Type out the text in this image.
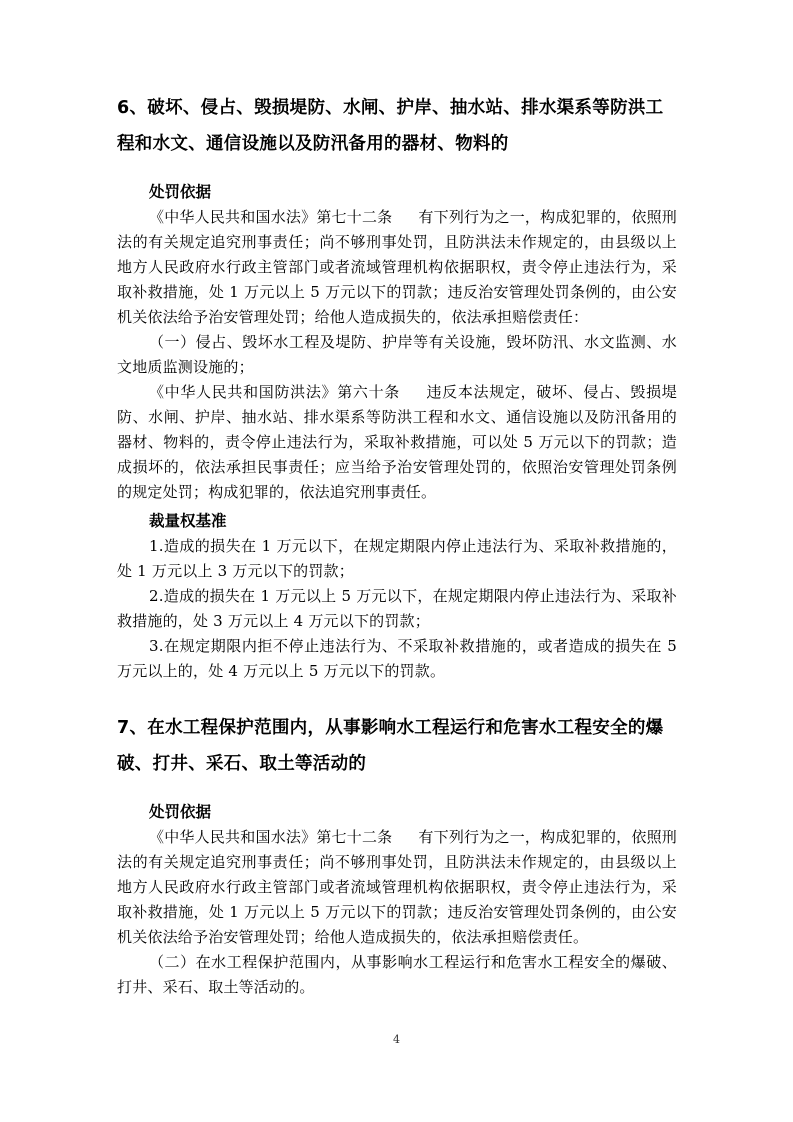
6、破坏、侵占、毁损堤防、水闸、护岸、抽水站、排水渠系等防洪工程和水文、通信设施以及防汛备用的器材、物料的
处罚依据

《中华人民共和国水法》第七十二条 有下列行为之一，构成犯罪的，依照刑法的有关规定追究刑事责任；尚不够刑事处罚，且防洪法未作规定的，由县级以上地方人民政府水行政主管部门或者流域管理机构依据职权，责令停止违法行为，采取补救措施，处 1 万元以上 5 万元以下的罚款；违反治安管理处罚条例的，由公安机关依法给予治安管理处罚；给他人造成损失的，依法承担赔偿责任：

（一）侵占、毁坏水工程及堤防、护岸等有关设施，毁坏防汛、水文监测、水文地质监测设施的；

《中华人民共和国防洪法》第六十条 违反本法规定，破坏、侵占、毁损堤防、水闸、护岸、抽水站、排水渠系等防洪工程和水文、通信设施以及防汛备用的器材、物料的，责令停止违法行为，采取补救措施，可以处 5 万元以下的罚款；造成损坏的，依法承担民事责任；应当给予治安管理处罚的，依照治安管理处罚条例的规定处罚；构成犯罪的，依法追究刑事责任。

裁量权基准

1.造成的损失在 1 万元以下，在规定期限内停止违法行为、采取补救措施的，处 1 万元以上 3 万元以下的罚款；

2.造成的损失在 1 万元以上 5 万元以下，在规定期限内停止违法行为、采取补救措施的，处 3 万元以上 4 万元以下的罚款；

3.在规定期限内拒不停止违法行为、不采取补救措施的，或者造成的损失在 5 万元以上的，处 4 万元以上 5 万元以下的罚款。

7、在水工程保护范围内，从事影响水工程运行和危害水工程安全的爆破、打井、采石、取土等活动的
处罚依据

《中华人民共和国水法》第七十二条 有下列行为之一，构成犯罪的，依照刑法的有关规定追究刑事责任；尚不够刑事处罚，且防洪法未作规定的，由县级以上地方人民政府水行政主管部门或者流域管理机构依据职权，责令停止违法行为，采取补救措施，处 1 万元以上 5 万元以下的罚款；违反治安管理处罚条例的，由公安机关依法给予治安管理处罚；给他人造成损失的，依法承担赔偿责任。

（二）在水工程保护范围内，从事影响水工程运行和危害水工程安全的爆破、打井、采石、取土等活动的。

4
